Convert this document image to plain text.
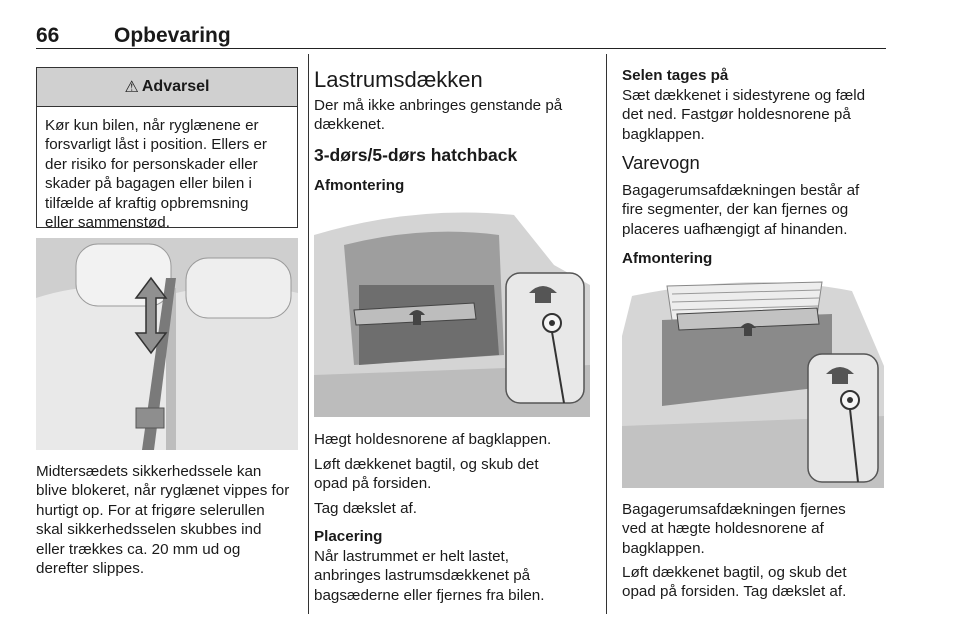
66	Opbevaring
⚠ Advarsel
Kør kun bilen, når ryglænene er
forsvarligt låst i position. Ellers er
der risiko for personskader eller
skader på bagagen eller bilen i
tilfælde af kraftig opbremsning
eller sammenstød.
Midtersædets sikkerhedssele kan
blive blokeret, når ryglænet vippes for
hurtigt op. For at frigøre selerullen
skal sikkerhedsselen skubbes ind
eller trækkes ca. 20 mm ud og
derefter slippes.
Lastrumsdækken
Der må ikke anbringes genstande på
dækkenet.
3-dørs/5-dørs hatchback
Afmontering
Hægt holdesnorene af bagklappen.
Løft dækkenet bagtil, og skub det
opad på forsiden.
Tag dækslet af.
Placering
Når lastrummet er helt lastet,
anbringes lastrumsdækkenet på
bagsæderne eller fjernes fra bilen.
Selen tages på
Sæt dækkenet i sidestyrene og fæld
det ned. Fastgør holdesnorene på
bagklappen.
Varevogn
Bagagerumsafdækningen består af
fire segmenter, der kan fjernes og
placeres uafhængigt af hinanden.
Afmontering
Bagagerumsafdækningen fjernes
ved at hægte holdesnorene af
bagklappen.
Løft dækkenet bagtil, og skub det
opad på forsiden. Tag dækslet af.
